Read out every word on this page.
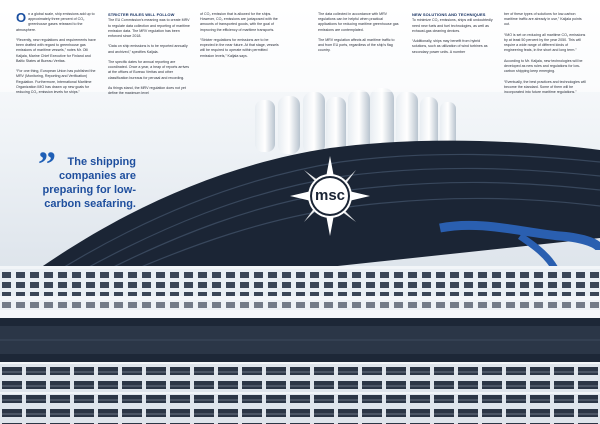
msc

On a global scale, ship emissions add up to approximately three percent of CO₂ greenhouse gases released to the atmosphere.

“Recently, new regulations and requirements have been drafted with regard to greenhouse gas emissions of maritime vessels,” notes Mr. Olli Kaljala, Marine Chief Executive for Finland and Baltic States at Bureau Veritas.

“For one thing, European Union has published the MRV (Monitoring, Reporting and Verification) Regulation. Furthermore, International Maritime Organization IMO has drawn up new goals for reducing CO₂ emission levels for ships.”

STRICTER RULES WILL FOLLOW

The EU Commission's meaning was to create MRV to regulate data collection and reporting of maritime emission data. The MRV regulation has been enforced since 2018.

“Data on ship emissions is to be reported annually and archived,” specifies Kaljala.

The specific dates for annual reporting are coordinated. Once a year, a heap of reports arrives at the offices of Bureau Veritas and other classification bureaus for perusal and recording.

As things stand, the MRV regulation does not yet define the maximum level

of CO₂ emission that is allowed for the ships. However, CO₂ emissions are juxtaposed with the amounts of transported goods, with the goal of improving the efficiency of maritime transports.

“Stricter regulations for emissions are to be expected in the near future. At that stage, vessels will be required to operate within permitted emission levels,” Kaljala says.

The data collected in accordance with MRV regulations can be helpful when practical applications for reducing maritime greenhouse gas emissions are contemplated.

The MRV regulation affects all maritime traffic to and from EU ports, regardless of the ship's flag country.

NEW SOLUTIONS AND TECHNIQUES

To minimize CO₂ emissions, ships will undoubtedly need new fuels and fuel technologies, as well as exhaust-gas cleaning devices.

“Additionally, ships may benefit from hybrid solutions, such as utilization of wind turbines as secondary power units. A number

ber of these types of solutions for low-carbon maritime traffic are already in use,” Kaljala points out.

“IMO is set on reducing all maritime CO₂ emissions by at least 50 percent by the year 2050. This will require a wide range of different kinds of engineering feats, in the short and long term.”

According to Mr. Kaljala, new technologies will be developed as new rules and regulations for low-carbon shipping keep emerging.

“Eventually, the best practices and technologies will become the standard. Some of them will be incorporated into future maritime regulations.”

”	The shipping companies are preparing for low-carbon seafaring.
